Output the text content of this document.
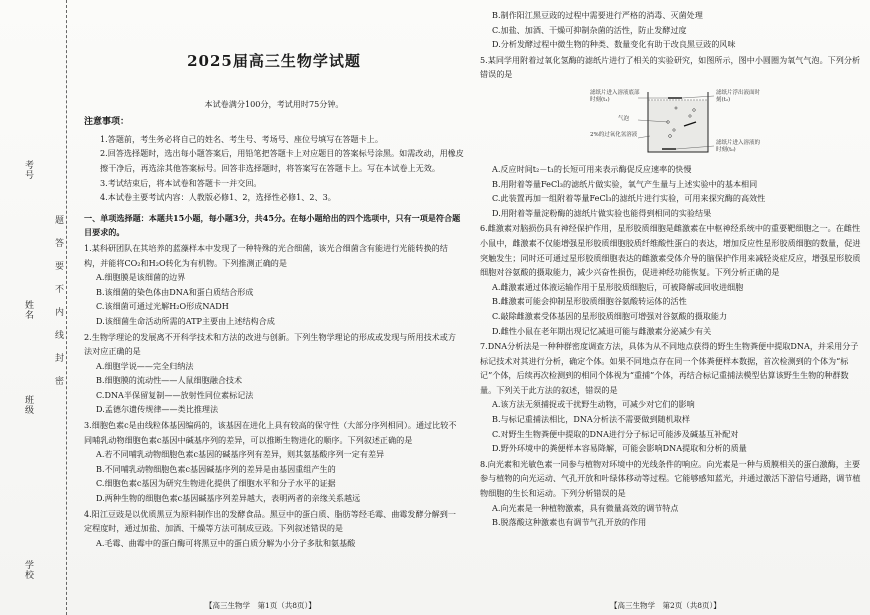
考号
姓名
班级
学校
题答要不内线封密
2025届高三生物学试题
本试卷满分100分，考试用时75分钟。
注意事项：
1.答题前，考生务必将自己的姓名、考生号、考场号、座位号填写在答题卡上。
2.回答选择题时，选出每小题答案后，用铅笔把答题卡上对应题目的答案标号涂黑。如需改动，用橡皮擦干净后，再选涂其他答案标号。回答非选择题时，将答案写在答题卡上。写在本试卷上无效。
3.考试结束后，将本试卷和答题卡一并交回。
4.本试卷主要考试内容：人教版必修1、2，选择性必修1、2、3。
一、单项选择题：本题共15小题，每小题3分，共45分。在每小题给出的四个选项中，只有一项是符合题目要求的。
1.某科研团队在其培养的蓝藻样本中发现了一种特殊的光合细菌，该光合细菌含有能进行光能转换的结构，并能将CO₂和H₂O转化为有机物。下列推测正确的是
A.细胞膜是该细菌的边界
B.该细菌的染色体由DNA和蛋白质结合形成
C.该细菌可通过光解H₂O形成NADH
D.该细菌生命活动所需的ATP主要由上述结构合成
2.生物学理论的发展离不开科学技术和方法的改进与创新。下列生物学理论的形成或发现与所用技术或方法对应正确的是
A.细胞学说——完全归纳法
B.细胞膜的流动性——人鼠细胞融合技术
C.DNA半保留复制——放射性同位素标记法
D.孟德尔遗传规律——类比推理法
3.细胞色素c是由线粒体基因编码的，该基因在进化上具有较高的保守性（大部分序列相同）。通过比较不同哺乳动物细胞色素c基因中碱基序列的差异，可以推断生物进化的顺序。下列叙述正确的是
A.若不同哺乳动物细胞色素c基因的碱基序列有差异，则其氨基酸序列一定有差异
B.不同哺乳动物细胞色素c基因碱基序列的差异是由基因重组产生的
C.细胞色素c基因为研究生物进化提供了细胞水平和分子水平的证据
D.两种生物的细胞色素c基因碱基序列差异越大，表明两者的亲缘关系越远
4.阳江豆豉是以优质黑豆为原料制作出的发酵食品。黑豆中的蛋白质、脂肪等经毛霉、曲霉发酵分解到一定程度时，通过加盐、加酒、干燥等方法可制成豆豉。下列叙述错误的是
A.毛霉、曲霉中的蛋白酶可将黑豆中的蛋白质分解为小分子多肽和氨基酸
【高三生物学　第1页（共8页）】
B.制作阳江黑豆豉的过程中需要进行严格的消毒、灭菌处理
C.加盐、加酒、干燥可抑制杂菌的活性，防止发酵过度
D.分析发酵过程中微生物的种类、数量变化有助于改良黑豆豉的风味
5.某同学用附着过氧化氢酶的滤纸片进行了相关的实验研究，如图所示，图中小圆圈为氧气气泡。下列分析错误的是
滤纸片进入溶液底部时刻(t₁)
气泡
2%的过氧化氢溶液
滤纸片浮出液面时刻(t₂)
滤纸片进入溶液的时刻(t₀)
A.反应时间t₂－t₁的长短可用来表示酶促反应速率的快慢
B.用附着等量FeCl₃的滤纸片做实验，氧气产生量与上述实验中的基本相同
C.此装置再加一组附着等量FeCl₃的滤纸片进行实验，可用来探究酶的高效性
D.用附着等量淀粉酶的滤纸片做实验也能得到相同的实验结果
6.雌激素对脑损伤具有神经保护作用，星形胶质细胞是雌激素在中枢神经系统中的重要靶细胞之一。在雌性小鼠中，雌激素不仅能增强星形胶质细胞胶质纤维酸性蛋白的表达，增加反应性星形胶质细胞的数量，促进突触发生；同时还可通过星形胶质细胞表达的雌激素受体介导的脑保护作用来减轻炎症反应，增强星形胶质细胞对谷氨酸的摄取能力，减少兴奋性损伤，促进神经功能恢复。下列分析正确的是
A.雌激素通过体液运输作用于星形胶质细胞后，可被降解或回收进细胞
B.雌激素可能会抑制星形胶质细胞谷氨酸转运体的活性
C.敲除雌激素受体基因的星形胶质细胞可增强对谷氨酸的摄取能力
D.雌性小鼠在老年期出现记忆减退可能与雌激素分泌减少有关
7.DNA分析法是一种种群密度调查方法，具体为从不同地点获得的野生生物粪便中提取DNA，并采用分子标记技术对其进行分析，确定个体。如果不同地点存在同一个体粪便样本数据，首次检测到的个体为“标记”个体，后续再次检测到的相同个体视为“重捕”个体，再结合标记重捕法模型估算该野生生物的种群数量。下列关于此方法的叙述，错误的是
A.该方法无须捕捉或干扰野生动物，可减少对它们的影响
B.与标记重捕法相比，DNA分析法不需要做到随机取样
C.对野生生物粪便中提取的DNA进行分子标记可能涉及碱基互补配对
D.野外环境中的粪便样本容易降解，可能会影响DNA提取和分析的质量
8.向光素和光敏色素一同参与植物对环境中的光线条件的响应。向光素是一种与质膜相关的蛋白激酶，主要参与植物的向光运动、气孔开放和叶绿体移动等过程。它能够感知蓝光，并通过激活下游信号通路，调节植物细胞的生长和运动。下列分析错误的是
A.向光素是一种植物激素，具有微量高效的调节特点
B.脱落酸这种激素也有调节气孔开放的作用
【高三生物学　第2页（共8页）】
